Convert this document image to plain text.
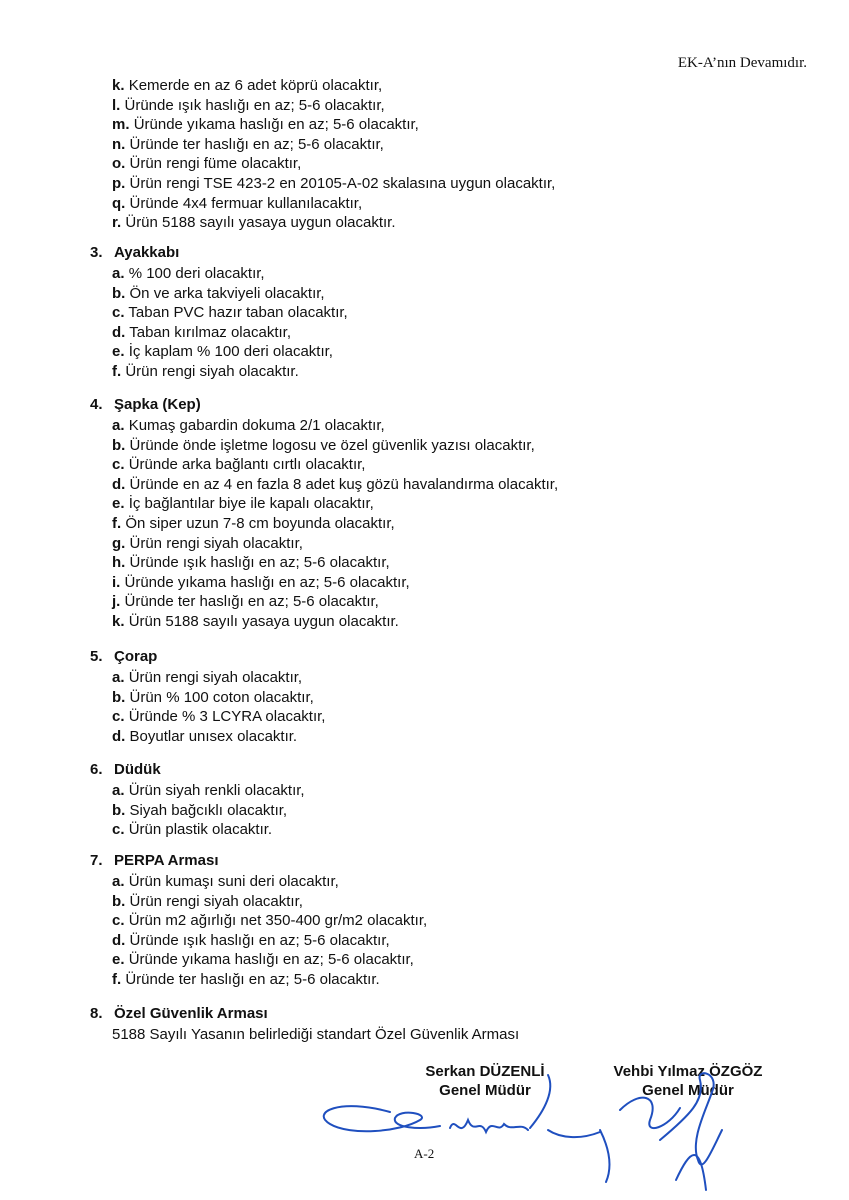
EK-A’nın Devamıdır.
k. Kemerde en az 6 adet köprü olacaktır,
l. Üründe ışık haslığı en az; 5-6 olacaktır,
m. Üründe yıkama haslığı en az; 5-6 olacaktır,
n. Üründe ter haslığı en az; 5-6 olacaktır,
o. Ürün rengi füme olacaktır,
p. Ürün rengi TSE 423-2 en 20105-A-02 skalasına uygun olacaktır,
q. Üründe 4x4 fermuar kullanılacaktır,
r. Ürün 5188 sayılı yasaya uygun olacaktır.
3. Ayakkabı
a. % 100 deri olacaktır,
b. Ön ve arka takviyeli olacaktır,
c. Taban PVC hazır taban olacaktır,
d. Taban kırılmaz olacaktır,
e. İç kaplam % 100 deri olacaktır,
f. Ürün rengi siyah olacaktır.
4. Şapka (Kep)
a. Kumaş gabardin dokuma 2/1 olacaktır,
b. Üründe önde işletme logosu ve özel güvenlik yazısı olacaktır,
c. Üründe arka bağlantı cırtlı olacaktır,
d. Üründe en az 4 en fazla 8 adet kuş gözü havalandırma olacaktır,
e. İç bağlantılar biye ile kapalı olacaktır,
f. Ön siper uzun 7-8 cm boyunda olacaktır,
g. Ürün rengi siyah olacaktır,
h. Üründe ışık haslığı en az; 5-6 olacaktır,
i. Üründe yıkama haslığı en az; 5-6 olacaktır,
j. Üründe ter haslığı en az; 5-6 olacaktır,
k. Ürün 5188 sayılı yasaya uygun olacaktır.
5. Çorap
a. Ürün rengi siyah olacaktır,
b. Ürün % 100 coton olacaktır,
c. Üründe % 3 LCYRA olacaktır,
d. Boyutlar unısex olacaktır.
6. Düdük
a. Ürün siyah renkli olacaktır,
b. Siyah bağcıklı olacaktır,
c. Ürün plastik olacaktır.
7. PERPA Arması
a. Ürün kumaşı suni deri olacaktır,
b. Ürün rengi siyah olacaktır,
c. Ürün m2 ağırlığı net 350-400 gr/m2 olacaktır,
d. Üründe ışık haslığı en az; 5-6 olacaktır,
e. Üründe yıkama haslığı en az; 5-6 olacaktır,
f. Üründe ter haslığı en az; 5-6 olacaktır.
8. Özel Güvenlik Arması
5188 Sayılı Yasanın belirlediği standart Özel Güvenlik Arması
Serkan DÜZENLİ
Genel Müdür
Vehbi Yılmaz ÖZGÖZ
Genel Müdür
A-2
